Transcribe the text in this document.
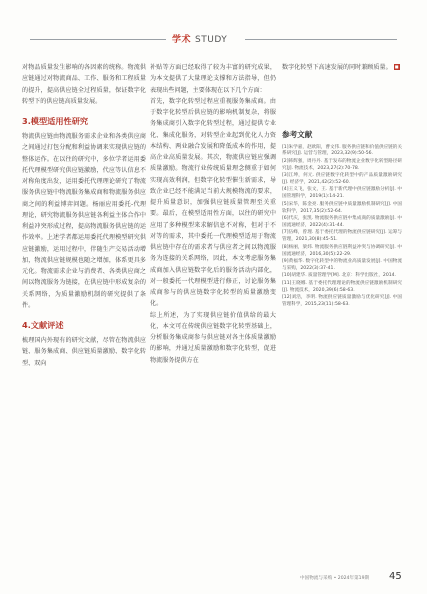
学术 STUDY

对物品质量发生影响的各因素的统称。物流供应链通过对物流商品、工作、服务和工程质量的提升，提高供应链全过程质量，保证数字化转型下的供应链高质量发展。

3.模型适用性研究

物流供应链由物流服务需求企业和各类供应商之间通过打包分配和利益协调来实现供应链的整体运作。在以往的研究中，多位学者运用委托代理模型研究供应链激励，代应等认信息不对称角度出发，运用委托代理理论研究了物流服务供应链中物流服务集成商和物流服务供应商之间的利益博弈问题。杨丽应用委托-代理理论，研究物流服务供应链各利益主体合作中利益冲突形成过程，提高物流服务供应链的运作效率。上述学者都运用委托代理模型研究供应链激励，运用过程中，伴随生产交易活动增加，物流供应链规模也随之增加，体系更具多元化。物流需求企业与消费者、各类供应商之间以物流服务为链接，在供应链中形成复杂的关系网络，为质量激励机制的研究提供了条件。

4.文献评述

梳理国内外现有的研究文献，尽管在物流供应链、服务集成商、供应链质量激励、数字化转型、双向

补贴等方面已经取得了较为丰富的研究成果，为本文提供了大量理论支撑和方法指导，但仍表现出些问题，主要体现在以下几个方面：

首先，数字化转型过程应重视服务集成商。由于数字化转型后供应链的影响机制复杂，将服务集成商引入数字化转型过程，通过提供专业化、集成化服务，对转型企业起到优化人力资本结构、两业融合发展和降低成本的作用，提高企业高质量发展。其次，物流供应链应强调质量激励。物流行业传统质量理念侧重于如何实现高效利润，但数字化转型催生新需求，导致企业已经不能满足当前大规模物流的要求，提升质量意识，加强供应链质量管理至关重要。最后，在模型适用性方面，以往的研究中应用了多种模型来求解信息不对称，但对于不对等的需求，其中委托一代理模型适用于物流供应链中存在的需求者与供应者之间以物流服务为连接的关系网络，因此，本文考虑服务集成商加入供应链数字化后的服务活动内部化，对一般委托一代理模型进行修正，讨论服务集成商参与的供应链数字化转型的质量激励变化。

综上所述，为了实现供应链价值供给的最大化，本文可在传统供应链数字化转型基础上，分析服务集成商参与供应链对各主体质量激励的影响，并通过质量激励和数字化转型，促进物流服务提供方在

数字化转型下高速发展的同时兼顾质量。 ■

参考文献
[1]朱学嘉，赵欧阳，曹文伟. 服务供应链和价值供应链的关系研究[J]. 运营与管理，2023,32(9):50-56.
[2]韩辉强，周丹丹. 基于发布的物流企业数字化转型路径研究[J]. 物流技术，2023,27(2):70-78.
[3]江坤，何元. 供应链数字化转型中的产品质量激励研究[J]. 经济学，2021,42(2):52-60.
[4]王义飞，张文，王. 基于新代理中供应链激励分析[J]. 中国管理科学，2019(1):14-21.
[5]宋华，陈金亮. 服务供应链中质量激励机制研究[J]. 中国软科学，2017,35(2):52-64.
[6]代庆，张凯. 物流服务供应链中集成商的质量激励[J]. 中国流通经济，2022(4):31-44.
[7]伍峰，曾理. 基于委托代理的物流供应链研究[J]. 运筹与管理，2021,30(8):45-51.
[8]杨丽，梁炜. 物流服务供应链利益冲突与协调研究[J]. 中国流通经济，2016,30(5):22-29.
[9]黄福华. 数字化转型中的物流业高质量发展[J]. 中国物流与采购，2022(3):37-41.
[10]胡建华. 质量管理学[M]. 北京：科学出版社，2014.
[11]王晓娜. 基于委托代理理论的物流供应链激励机制研究[J]. 物流技术，2020,39(6):58-63.
[12]刘浩，李明. 物流供应链质量激励与优化研究[J]. 中国管理科学，2015,23(11):58-63.
中国物流与采购 • 2024年第19期 45
